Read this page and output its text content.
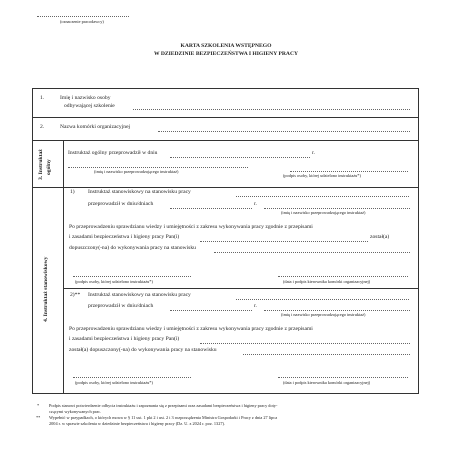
(oznaczenie pracodawcy)
KARTA SZKOLENIA WSTĘPNEGO
W DZIEDZINIE BEZPIECZEŃSTWA I HIGIENY PRACY
1.	Imię i nazwisko osoby
odbywającej szkolenie
2.	Nazwa komórki organizacyjnej
3. Instruktaż ogólny
Instruktaż ogólny przeprowadził w dniu	r.
(imię i nazwisko przeprowadzającego instruktaż)
(podpis osoby, której udzielono instruktażu*)
4. Instruktaż stanowiskowy
1) Instruktaż stanowiskowy na stanowisku pracy
przeprowadził w dniu/dniach	r.
(imię i nazwisko przeprowadzającego instruktaż)
Po przeprowadzeniu sprawdzianu wiedzy i umiejętności z zakresu wykonywania pracy zgodnie z przepisami
i zasadami bezpieczeństwa i higieny pracy Pan(i)	został(a)
dopuszczony(-na) do wykonywania pracy na stanowisku
(podpis osoby, której udzielono instruktażu*)	(data i podpis kierownika komórki organizacyjnej)
2)** Instruktaż stanowiskowy na stanowisku pracy
przeprowadził w dniu/dniach	r.
(imię i nazwisko przeprowadzającego instruktaż)
Po przeprowadzeniu sprawdzianu wiedzy i umiejętności z zakresu wykonywania pracy zgodnie z przepisami
i zasadami bezpieczeństwa i higieny pracy Pan(i)
został(a) dopuszczony(-na) do wykonywania pracy na stanowisku
(podpis osoby, której udzielono instruktażu*)	(data i podpis kierownika komórki organizacyjnej)
* Podpis stanowi potwierdzenie odbycia instruktażu i zapoznania się z przepisami oraz zasadami bezpieczeństwa i higieny pracy doty-
czącymi wykonywanych prac.
** Wypełnić w przypadkach, o których mowa w § 11 ust. 1 pkt 2 i ust. 2 i 3 rozporządzenia Ministra Gospodarki i Pracy z dnia 27 lipca
2004 r. w sprawie szkolenia w dziedzinie bezpieczeństwa i higieny pracy (Dz. U. z 2024 r. poz. 1327).
